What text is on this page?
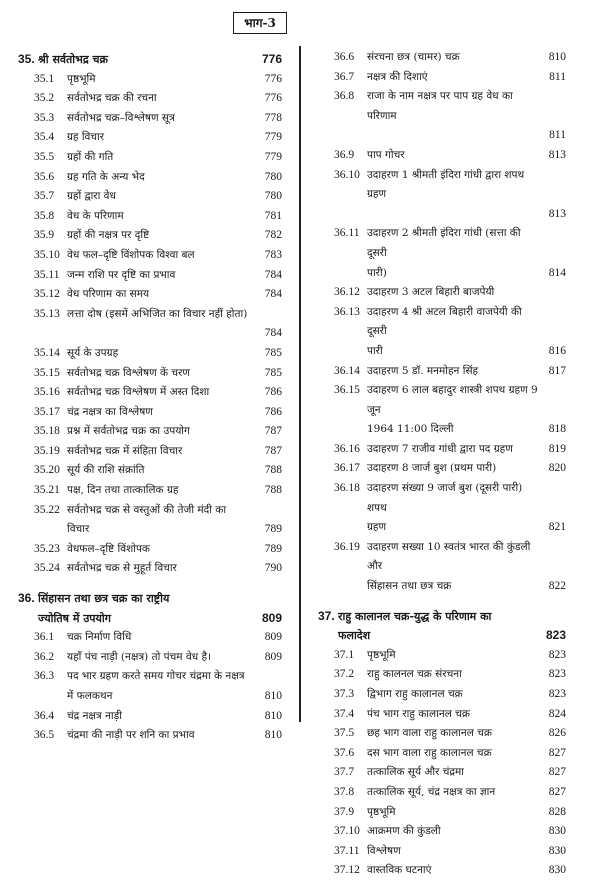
भाग-3
35. श्री सर्वतोभद्र चक्र	776
35.1	पृष्ठभूमि	776
35.2	सर्वतोभद्र चक्र की रचना	776
35.3	सर्वतोभद्र चक्र–विश्लेषण सूत्र	778
35.4	ग्रह विचार	779
35.5	ग्रहों की गति	779
35.6	ग्रह गति के अन्य भेद	780
35.7	ग्रहों द्वारा वेध	780
35.8	वेध के परिणाम	781
35.9	ग्रहों की नक्षत्र पर दृष्टि	782
35.10 वेध फल–दृष्टि विंशोपक विश्वा बल	783
35.11 जन्म राशि पर दृष्टि का प्रभाव	784
35.12 वेध परिणाम का समय	784
35.13 लत्ता दोष (इसमें अभिजित का विचार नहीं होता)
784
35.14 सूर्य के उपग्रह	785
35.15 सर्वतोभद्र चक्र विश्लेषण कें चरण	785
35.16 सर्वतोभद्र चक्र विश्लेषण में अस्त दिशा	786
35.17 चंद्र नक्षत्र का विश्लेषण	786
35.18 प्रश्न में सर्वतोभद्र चक्र का उपयोग	787
35.19 सर्वतोभद्र चक्र में संहिता विचार	787
35.20 सूर्य की राशि संक्रांति	788
35.21 पक्ष, दिन तथा तात्कालिक ग्रह	788
35.22 सर्वतोभद्र चक्र से वस्तुओं की तेजी मंदी का
विचार	789
35.23 वेधफल–दृष्टि विंशोपक	789
35.24 सर्वतोभद्र चक्र से मुहूर्त विचार	790
36. सिंहासन तथा छत्र चक्र का राष्ट्रीय
ज्योतिष में उपयोग	809
36.1	चक्र निर्माण विधि	809
36.2	यहाँ पंच नाड़ी (नक्षत्र) तो पंचम वेध है।	809
36.3	पद भार ग्रहण करते समय गोचर चंद्रमा के नक्षत्र
में फलकथन	810
36.4	चंद्र नक्षत्र नाड़ी	810
36.5	चंद्रमा की नाड़ी पर शनि का प्रभाव	810
36.6	संरचना छत्र (चामर) चक्र	810
36.7	नक्षत्र की दिशाएं	811
36.8	राजा के नाम नक्षत्र पर पाप ग्रह वेध का परिणाम
811
36.9	पाप गोचर	813
36.10 उदाहरण 1 श्रीमती इंदिरा गांधी द्वारा शपथ ग्रहण
813
36.11 उदाहरण 2 श्रीमती इंदिरा गांधी (सत्ता की दूसरी
पारी)	814
36.12 उदाहरण 3 अटल बिहारी बाजपेयी
36.13 उदाहरण 4 श्री अटल बिहारी वाजपेयी की दूसरी
पारी	816
36.14 उदाहरण 5 डॉ. मनमोहन सिंह	817
36.15 उदाहरण 6 लाल बहादुर शास्त्री शपथ ग्रहण 9 जून
1964 11:00 दिल्ली	818
36.16 उदाहरण 7 राजीव गांधी द्वारा पद ग्रहण	819
36.17 उदाहरण 8 जार्ज बुश (प्रथम पारी)	820
36.18 उदाहरण संख्या 9 जार्ज बुश (दूसरी पारी) शपथ
ग्रहण	821
36.19 उदाहरण सख्या 10 स्वतंत्र भारत की कुंडली और
सिंहासन तथा छत्र चक्र	822
37. राहु कालानल चक्र-युद्ध के परिणाम का
फलादेश	823
37.1	पृष्ठभूमि	823
37.2	राहु कालनल चक्र संरचना	823
37.3	द्विभाग राहु कालानल चक्र	823
37.4	पंच भाग राहु कालानल चक्र	824
37.5	छह भाग वाला राहु कालानल चक्र	826
37.6	दस भाग वाला राहु कालानल चक्र	827
37.7	तत्कालिक सूर्य और चंद्रमा	827
37.8	तत्कालिक सूर्य, चंद्र नक्षत्र का ज्ञान	827
37.9	पृष्ठभूमि	828
37.10 आक्रमण की कुंडली	830
37.11 विश्लेषण	830
37.12 वास्तविक घटनाएं	830
